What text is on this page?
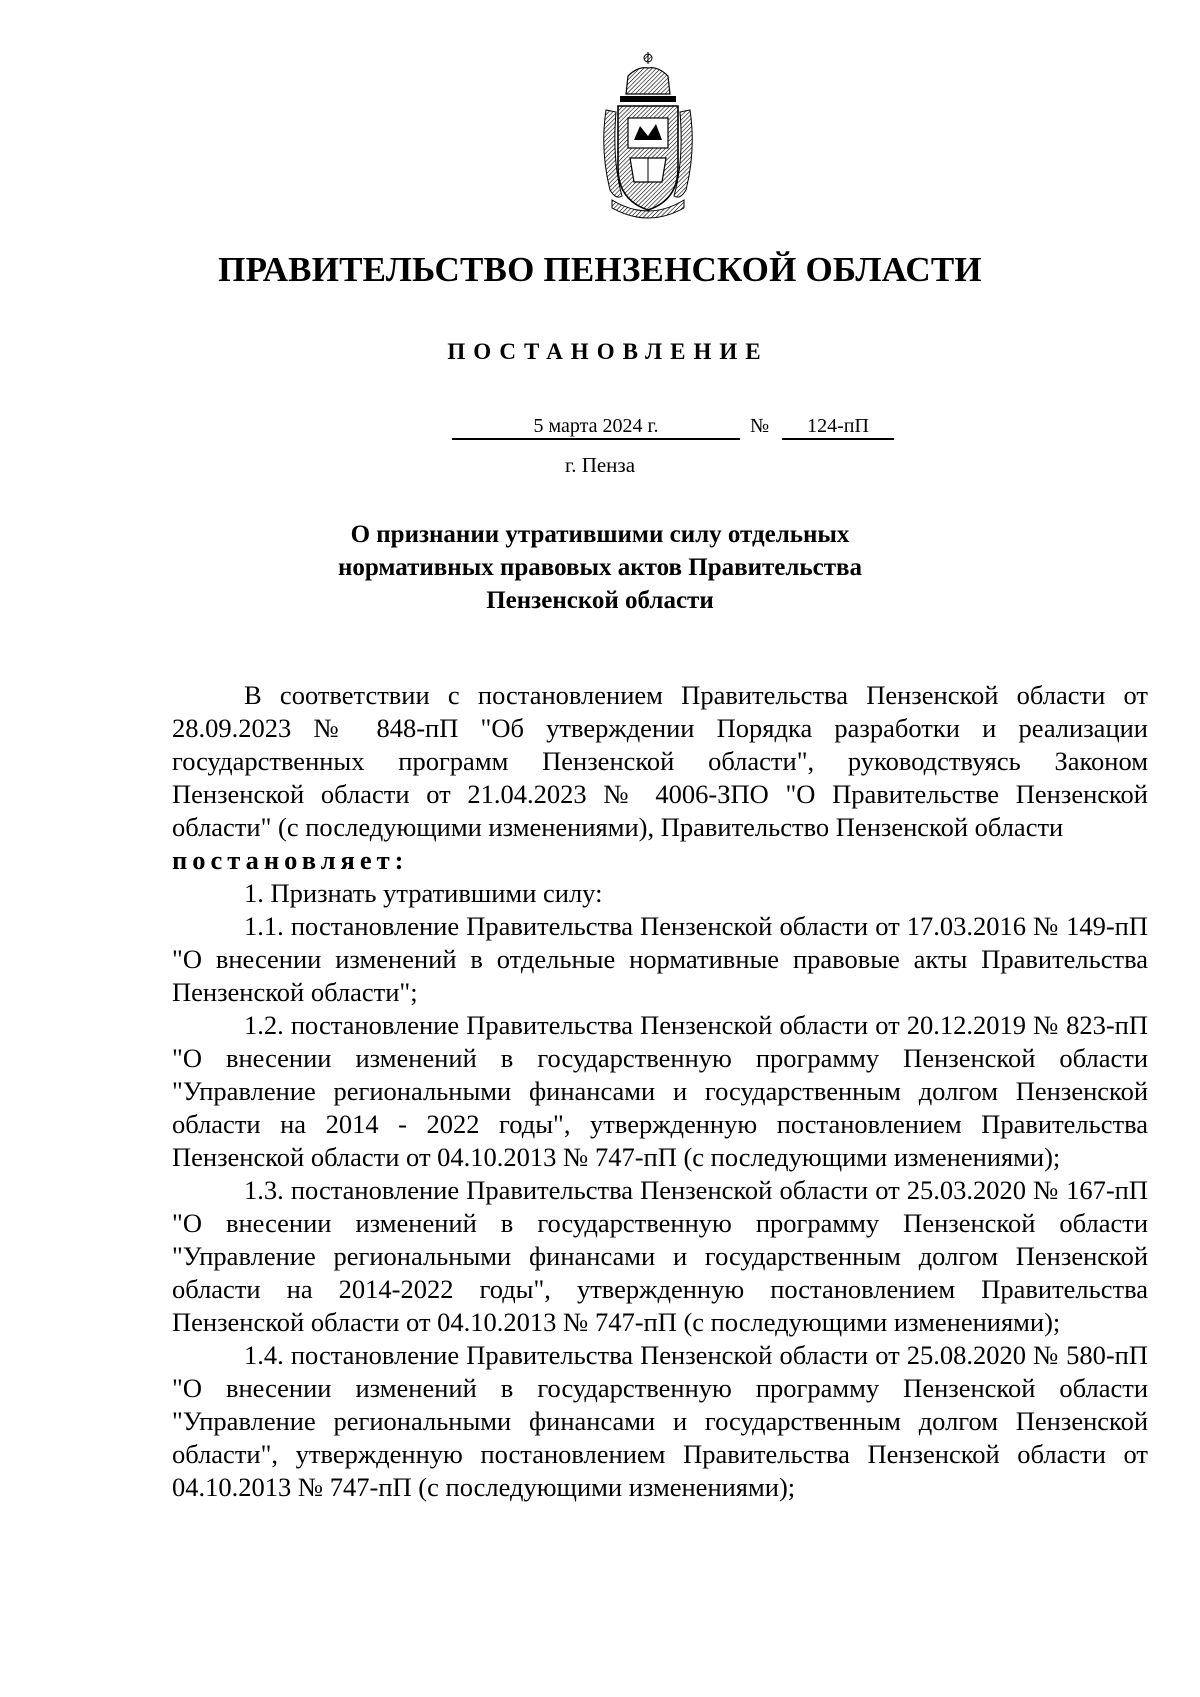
ПРАВИТЕЛЬСТВО ПЕНЗЕНСКОЙ ОБЛАСТИ
ПОСТАНОВЛЕНИЕ
5 марта 2024 г.	№	124-пП
г. Пенза
О признании утратившими силу отдельных
нормативных правовых актов Правительства
Пензенской области

В соответствии с постановлением Правительства Пензенской области от 28.09.2023 № 848-пП "Об утверждении Порядка разработки и реализации государственных программ Пензенской области", руководствуясь Законом Пензенской области от 21.04.2023 № 4006-ЗПО "О Правительстве Пензенской области" (с последующими изменениями), Правительство Пензенской области

постановляет:

1. Признать утратившими силу:

1.1. постановление Правительства Пензенской области от 17.03.2016 № 149-пП "О внесении изменений в отдельные нормативные правовые акты Правительства Пензенской области";

1.2. постановление Правительства Пензенской области от 20.12.2019 № 823-пП "О внесении изменений в государственную программу Пензенской области "Управление региональными финансами и государственным долгом Пензенской области на 2014 - 2022 годы", утвержденную постановлением Правительства Пензенской области от 04.10.2013 № 747-пП (с последующими изменениями);

1.3. постановление Правительства Пензенской области от 25.03.2020 № 167-пП "О внесении изменений в государственную программу Пензенской области "Управление региональными финансами и государственным долгом Пензенской области на 2014-2022 годы", утвержденную постановлением Правительства Пензенской области от 04.10.2013 № 747-пП (с последующими изменениями);

1.4. постановление Правительства Пензенской области от 25.08.2020 № 580-пП "О внесении изменений в государственную программу Пензенской области "Управление региональными финансами и государственным долгом Пензенской области", утвержденную постановлением Правительства Пензенской области от 04.10.2013 № 747-пП (с последующими изменениями);
